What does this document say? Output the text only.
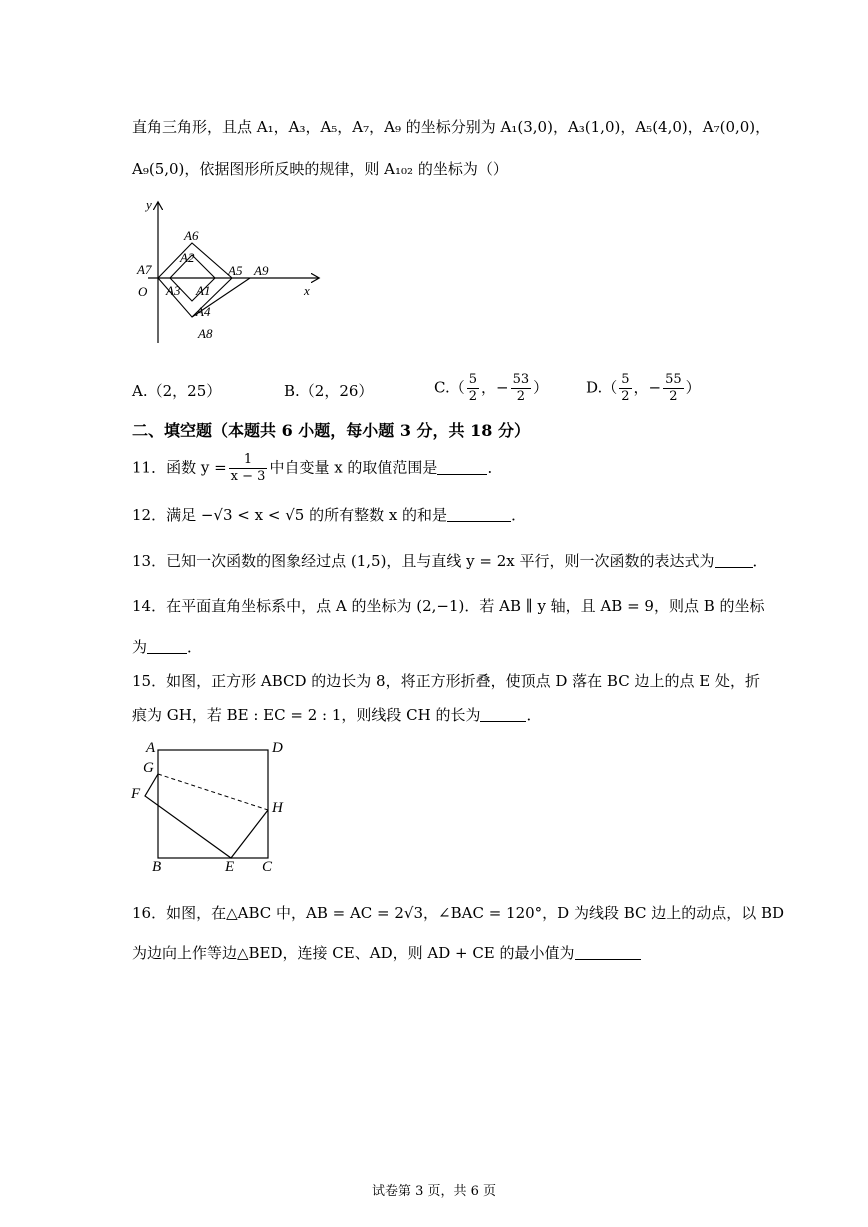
直角三角形，且点 A₁，A₃，A₅，A₇，A₉ 的坐标分别为 A₁(3,0)，A₃(1,0)，A₅(4,0)，A₇(0,0)，
A₉(5,0)，依据图形所反映的规律，则 A₁₀₂ 的坐标为（）
y
x
O
A6
A2
A7	A5 A9
A3 A1
A4
A8
A.（2，25）	B.（2，26）	$C.( \frac{5}{2}$ ，− $\frac{53}{2}$ ）	$D.( \frac{5}{2}$ ，− $\frac{55}{2}$ ）
二、填空题（本题共 6 小题，每小题 3 分，共 18 分）
11．函数 $y = \frac{1}{x - 3}$ 中自变量 x 的取值范围是	．
12．满足 −√3 < x < √5 的所有整数 x 的和是	．
13．已知一次函数的图象经过点 (1,5)，且与直线 y = 2x 平行，则一次函数的表达式为	．
14．在平面直角坐标系中，点 A 的坐标为 (2,−1)．若 AB ∥ y 轴，且 AB = 9，则点 B 的坐标
为	．
15．如图，正方形 ABCD 的边长为 8，将正方形折叠，使顶点 D 落在 BC 边上的点 E 处，折
痕为 GH，若 BE : EC = 2 : 1，则线段 CH 的长为	．
A	D
G
F
H
B	E C
16．如图，在△ABC 中，AB = AC = 2√3，∠BAC = 120°，D 为线段 BC 边上的动点，以 BD
为边向上作等边△BED，连接 CE、AD，则 AD + CE 的最小值为
试卷第 3 页，共 6 页
